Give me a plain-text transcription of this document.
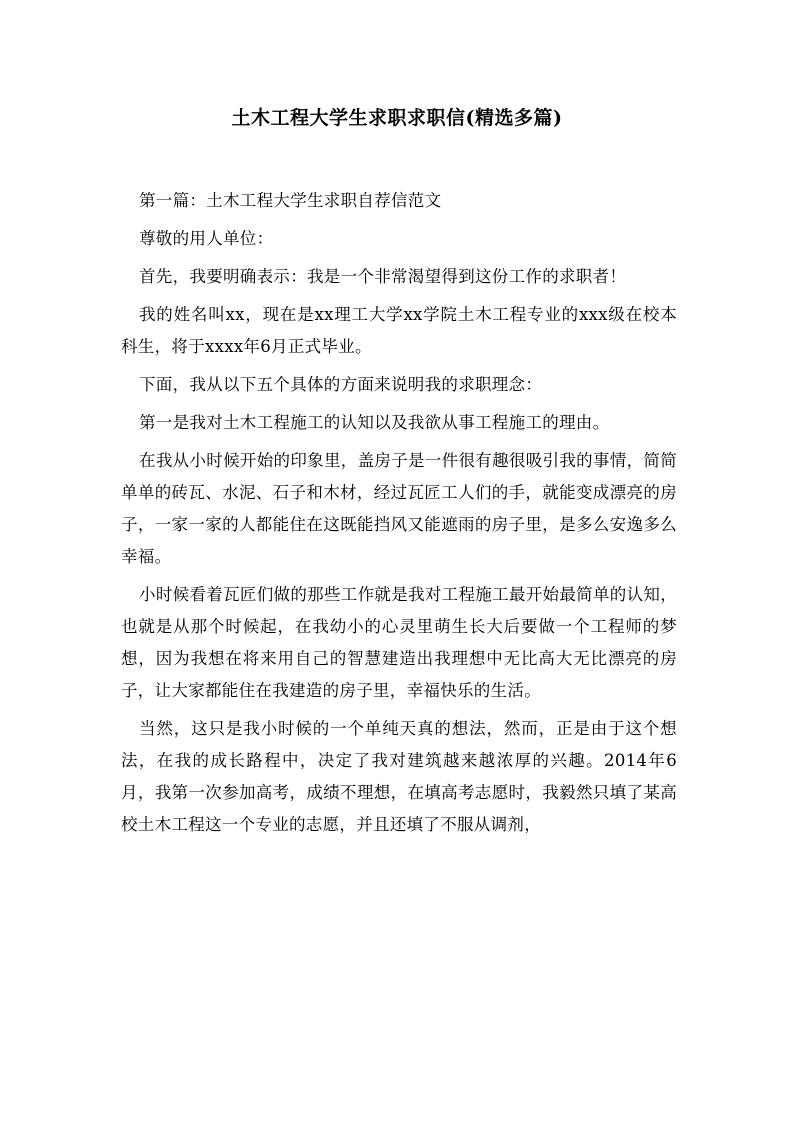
土木工程大学生求职求职信(精选多篇)

第一篇：土木工程大学生求职自荐信范文

尊敬的用人单位：

首先，我要明确表示：我是一个非常渴望得到这份工作的求职者！

我的姓名叫xx，现在是xx理工大学xx学院土木工程专业的xxx级在校本科生，将于xxxx年6月正式毕业。

下面，我从以下五个具体的方面来说明我的求职理念：

第一是我对土木工程施工的认知以及我欲从事工程施工的理由。

在我从小时候开始的印象里，盖房子是一件很有趣很吸引我的事情，简简单单的砖瓦、水泥、石子和木材，经过瓦匠工人们的手，就能变成漂亮的房子，一家一家的人都能住在这既能挡风又能遮雨的房子里，是多么安逸多么幸福。

小时候看着瓦匠们做的那些工作就是我对工程施工最开始最简单的认知，也就是从那个时候起，在我幼小的心灵里萌生长大后要做一个工程师的梦想，因为我想在将来用自己的智慧建造出我理想中无比高大无比漂亮的房子，让大家都能住在我建造的房子里，幸福快乐的生活。

当然，这只是我小时候的一个单纯天真的想法，然而，正是由于这个想法，在我的成长路程中，决定了我对建筑越来越浓厚的兴趣。2014年6月，我第一次参加高考，成绩不理想，在填高考志愿时，我毅然只填了某高校土木工程这一个专业的志愿，并且还填了不服从调剂，
